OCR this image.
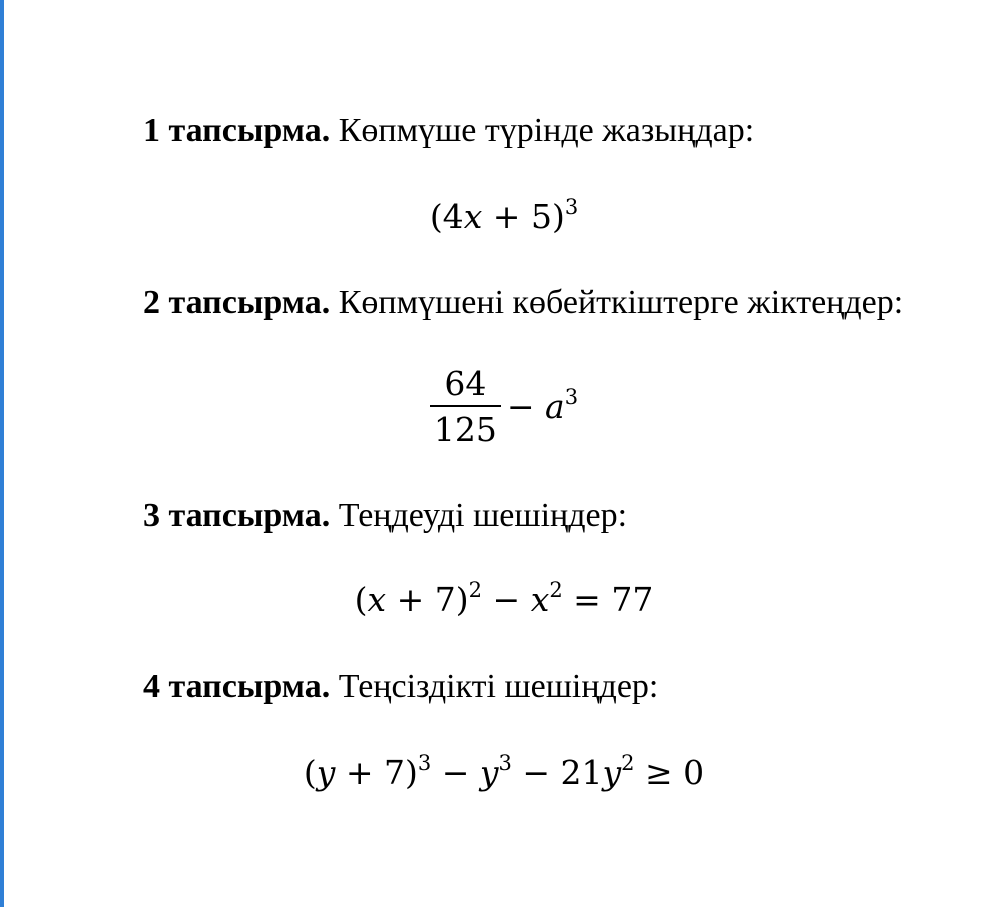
1 тапсырма. Көпмүше түрінде жазыңдар:
$(4x + 5)^3$
2 тапсырма. Көпмүшені көбейткіштерге жіктеңдер:
$\frac{64}{125} - a^3$
3 тапсырма. Теңдеуді шешіңдер:
$(x + 7)^2 - x^2 = 77$
4 тапсырма. Теңсіздікті шешіңдер:
$(y + 7)^3 - y^3 - 21y^2 \ge 0$
